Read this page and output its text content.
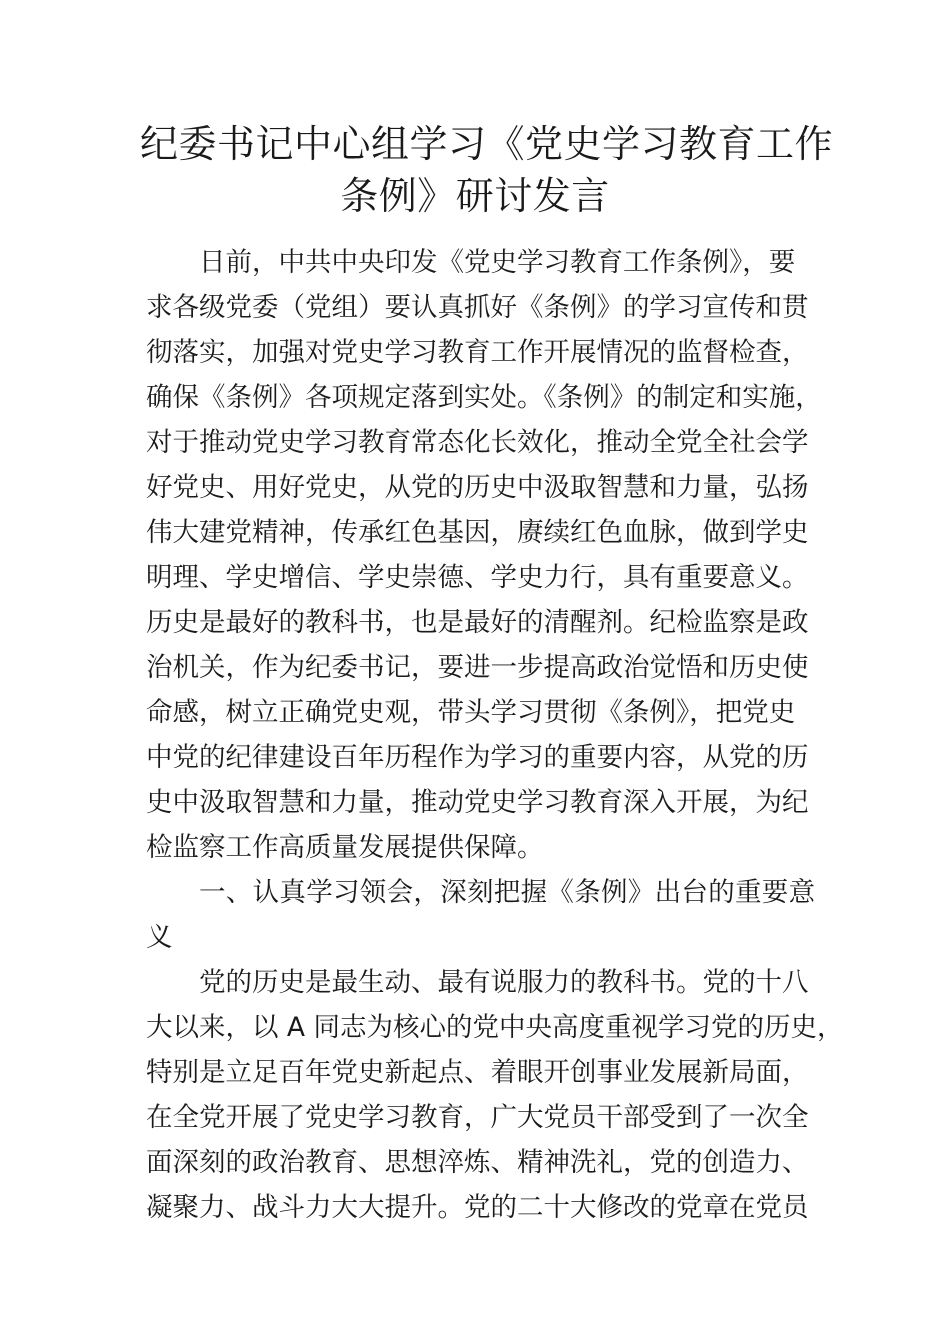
纪委书记中心组学习《党史学习教育工作
条例》研讨发言
日前，中共中央印发《党史学习教育工作条例》，要
求各级党委（党组）要认真抓好《条例》的学习宣传和贯
彻落实，加强对党史学习教育工作开展情况的监督检查，
确保《条例》各项规定落到实处。《条例》的制定和实施，
对于推动党史学习教育常态化长效化，推动全党全社会学
好党史、用好党史，从党的历史中汲取智慧和力量，弘扬
伟大建党精神，传承红色基因，赓续红色血脉，做到学史
明理、学史增信、学史崇德、学史力行，具有重要意义。
历史是最好的教科书，也是最好的清醒剂。纪检监察是政
治机关，作为纪委书记，要进一步提高政治觉悟和历史使
命感，树立正确党史观，带头学习贯彻《条例》，把党史
中党的纪律建设百年历程作为学习的重要内容，从党的历
史中汲取智慧和力量，推动党史学习教育深入开展，为纪
检监察工作高质量发展提供保障。
一、认真学习领会，深刻把握《条例》出台的重要意
义
党的历史是最生动、最有说服力的教科书。党的十八
大以来，以 A 同志为核心的党中央高度重视学习党的历史，
特别是立足百年党史新起点、着眼开创事业发展新局面，
在全党开展了党史学习教育，广大党员干部受到了一次全
面深刻的政治教育、思想淬炼、精神洗礼，党的创造力、
凝聚力、战斗力大大提升。党的二十大修改的党章在党员
